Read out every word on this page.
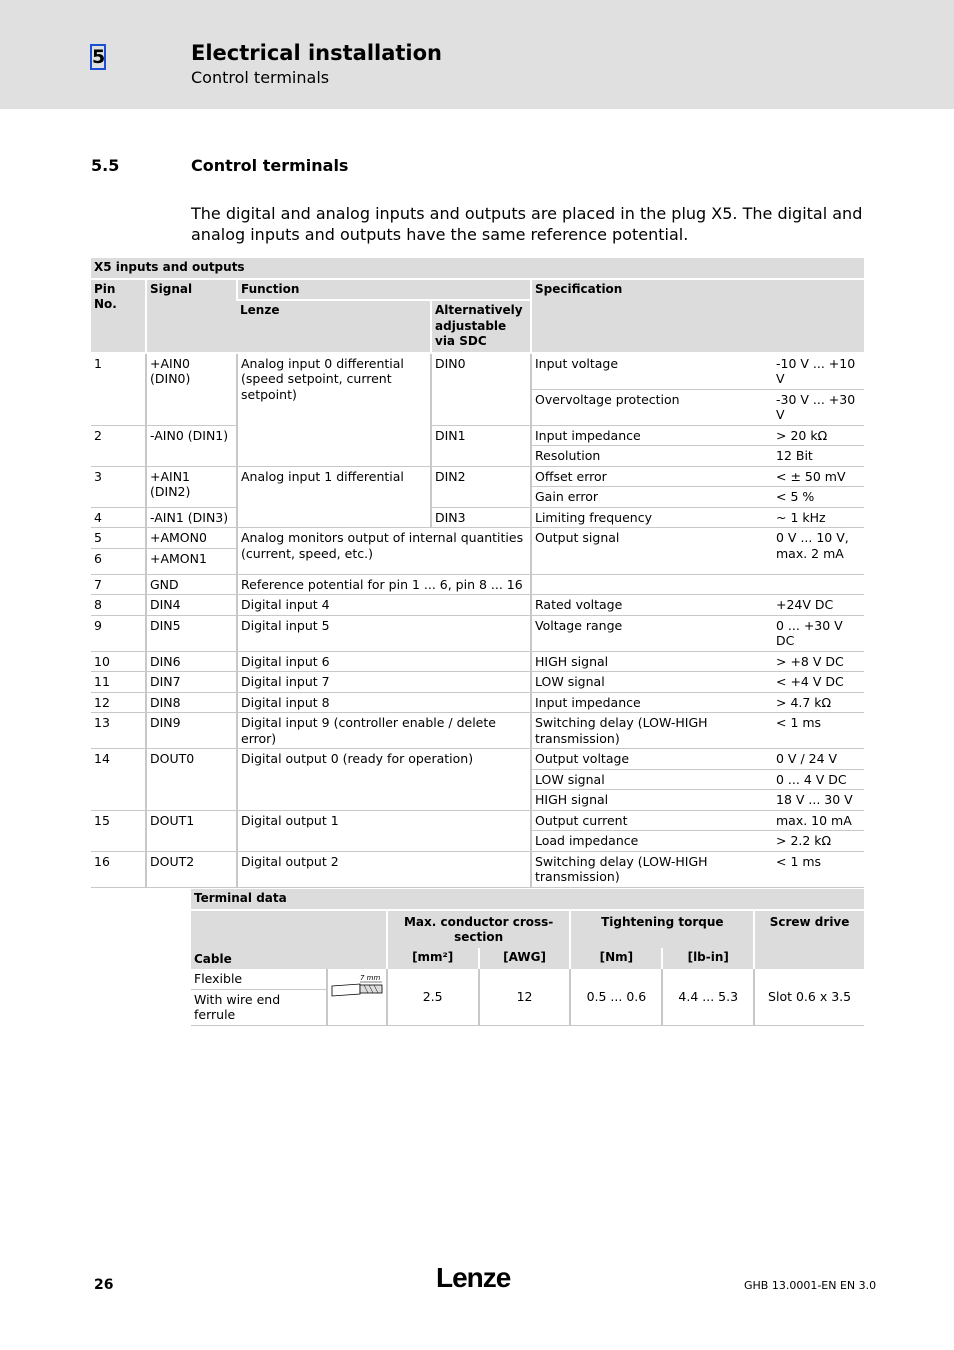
5	Electrical installation
Control terminals
5.5	Control terminals
The digital and analog inputs and outputs are placed in the plug X5. The digital and analog inputs and outputs have the same reference potential.
X5 inputs and outputs					
Pin No.	Signal	Function		Specification	
		Lenze	Alternatively adjustable via SDC		
1	+AIN0 (DIN0)	Analog input 0 differential (speed setpoint, current setpoint)	DIN0	Input voltage	-10 V ... +10 V
				Overvoltage protection	-30 V ... +30 V
2	-AIN0 (DIN1)		DIN1	Input impedance	> 20 kΩ
				Resolution	12 Bit
3	+AIN1 (DIN2)	Analog input 1 differential	DIN2	Offset error	< ± 50 mV
				Gain error	< 5 %
4	-AIN1 (DIN3)		DIN3	Limiting frequency	~ 1 kHz
5	+AMON0	Analog monitors output of internal quantities (current, speed, etc.)		Output signal	0 V ... 10 V, max. 2 mA
6	+AMON1				
7	GND	Reference potential for pin 1 ... 6, pin 8 ... 16			
8	DIN4	Digital input 4		Rated voltage	+24V DC
9	DIN5	Digital input 5		Voltage range	0 ... +30 V DC
10	DIN6	Digital input 6		HIGH signal	> +8 V DC
11	DIN7	Digital input 7		LOW signal	< +4 V DC
12	DIN8	Digital input 8		Input impedance	> 4.7 kΩ
13	DIN9	Digital input 9 (controller enable / delete error)		Switching delay (LOW-HIGH transmission)	< 1 ms
14	DOUT0	Digital output 0 (ready for operation)		Output voltage	0 V / 24 V
				LOW signal	0 ... 4 V DC
				HIGH signal	18 V ... 30 V
15	DOUT1	Digital output 1		Output current	max. 10 mA
				Load impedance	> 2.2 kΩ
16	DOUT2	Digital output 2		Switching delay (LOW-HIGH transmission)	< 1 ms
Terminal data						
Cable		Max. conductor cross-section		Tightening torque		Screw drive
		[mm²]	[AWG]	[Nm]	[lb-in]	
Flexible	7 mm	2.5	12	0.5 ... 0.6	4.4 ... 5.3	Slot 0.6 x 3.5
With wire end ferrule						
26	Lenze	GHB 13.0001-EN EN 3.0
